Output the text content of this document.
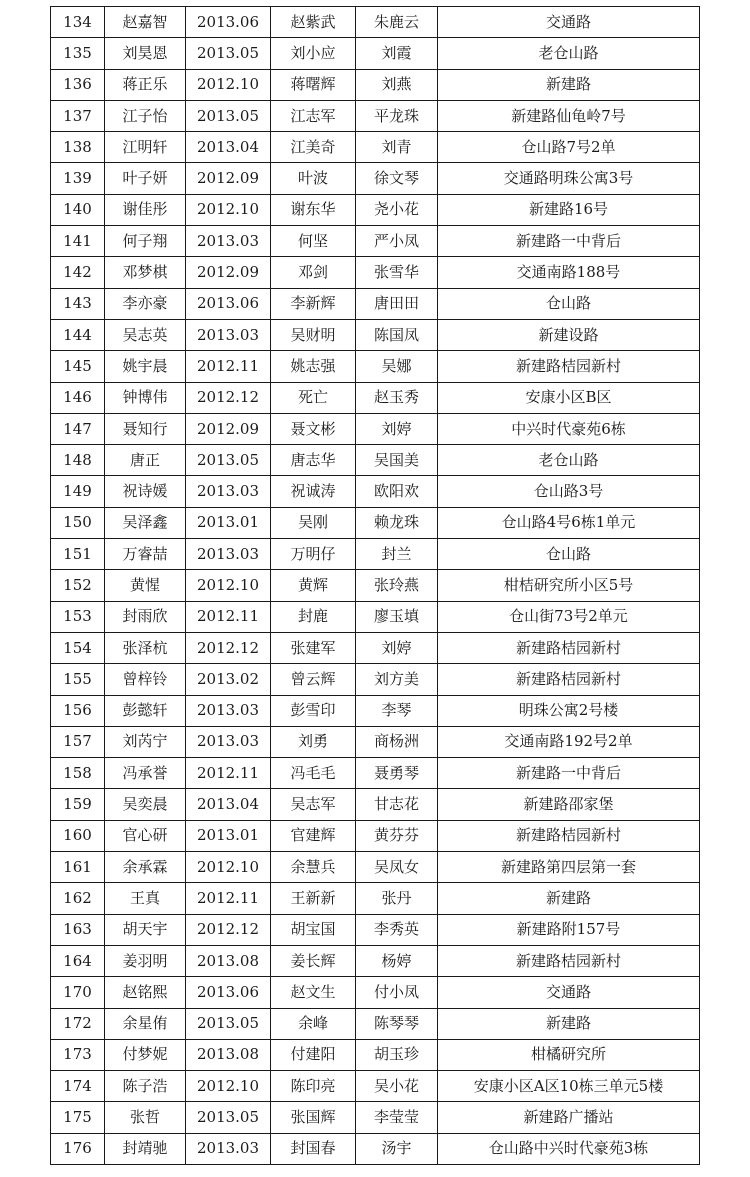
134	赵嘉智	2013.06	赵紫武	朱鹿云	交通路
135	刘昊恩	2013.05	刘小应	刘霞	老仓山路
136	蒋正乐	2012.10	蒋曙辉	刘燕	新建路
137	江子怡	2013.05	江志军	平龙珠	新建路仙龟岭7号
138	江明轩	2013.04	江美奇	刘青	仓山路7号2单
139	叶子妍	2012.09	叶波	徐文琴	交通路明珠公寓3号
140	谢佳彤	2012.10	谢东华	尧小花	新建路16号
141	何子翔	2013.03	何坚	严小凤	新建路一中背后
142	邓梦棋	2012.09	邓剑	张雪华	交通南路188号
143	李亦豪	2013.06	李新辉	唐田田	仓山路
144	吴志英	2013.03	吴财明	陈国凤	新建设路
145	姚宇晨	2012.11	姚志强	吴娜	新建路桔园新村
146	钟博伟	2012.12	死亡	赵玉秀	安康小区B区
147	聂知行	2012.09	聂文彬	刘婷	中兴时代豪苑6栋
148	唐正	2013.05	唐志华	吴国美	老仓山路
149	祝诗媛	2013.03	祝诚涛	欧阳欢	仓山路3号
150	吴泽鑫	2013.01	吴刚	赖龙珠	仓山路4号6栋1单元
151	万睿喆	2013.03	万明仔	封兰	仓山路
152	黄惺	2012.10	黄辉	张玲燕	柑桔研究所小区5号
153	封雨欣	2012.11	封鹿	廖玉填	仓山街73号2单元
154	张泽杭	2012.12	张建军	刘婷	新建路桔园新村
155	曾梓铃	2013.02	曾云辉	刘方美	新建路桔园新村
156	彭懿轩	2013.03	彭雪印	李琴	明珠公寓2号楼
157	刘芮宁	2013.03	刘勇	商杨洲	交通南路192号2单
158	冯承誉	2012.11	冯毛毛	聂勇琴	新建路一中背后
159	吴奕晨	2013.04	吴志军	甘志花	新建路邵家堡
160	官心研	2013.01	官建辉	黄芬芬	新建路桔园新村
161	余承霖	2012.10	余慧兵	吴凤女	新建路第四层第一套
162	王真	2012.11	王新新	张丹	新建路
163	胡天宇	2012.12	胡宝国	李秀英	新建路附157号
164	姜羽明	2013.08	姜长辉	杨婷	新建路桔园新村
170	赵铭熙	2013.06	赵文生	付小凤	交通路
172	余星侑	2013.05	余峰	陈琴琴	新建路
173	付梦妮	2013.08	付建阳	胡玉珍	柑橘研究所
174	陈子浩	2012.10	陈印亮	吴小花	安康小区A区10栋三单元5楼
175	张哲	2013.05	张国辉	李莹莹	新建路广播站
176	封靖驰	2013.03	封国春	汤宇	仓山路中兴时代豪苑3栋
